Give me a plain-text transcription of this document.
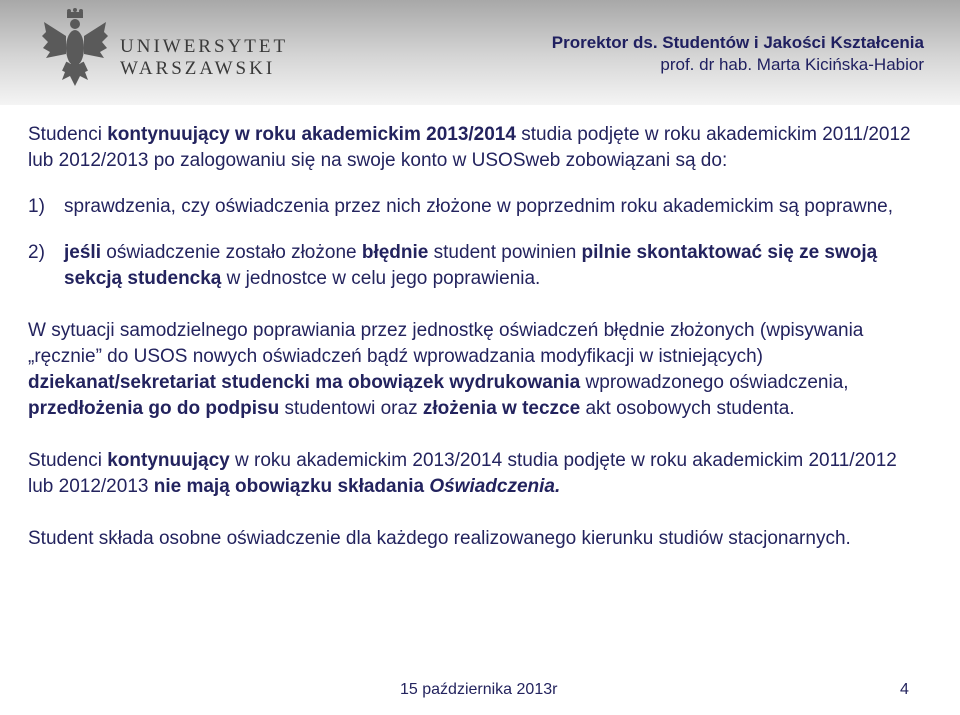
UNIWERSYTET
WARSZAWSKI
Prorektor ds. Studentów i Jakości Kształcenia
prof. dr hab. Marta Kicińska-Habior

Studenci kontynuujący w roku akademickim 2013/2014 studia podjęte w roku akademickim 2011/2012 lub 2012/2013 po zalogowaniu się na swoje konto w USOSweb zobowiązani są do:

1)	sprawdzenia, czy oświadczenia przez nich złożone w poprzednim roku akademickim są poprawne,
2)	jeśli oświadczenie zostało złożone błędnie student powinien pilnie skontaktować się ze swoją sekcją studencką w jednostce w celu jego poprawienia.

W sytuacji samodzielnego poprawiania przez jednostkę oświadczeń błędnie złożonych (wpisywania „ręcznie” do USOS nowych oświadczeń bądź wprowadzania modyfikacji w istniejących) dziekanat/sekretariat studencki ma obowiązek wydrukowania wprowadzonego oświadczenia, przedłożenia go do podpisu studentowi oraz złożenia w teczce akt osobowych studenta.

Studenci kontynuujący w roku akademickim 2013/2014 studia podjęte w roku akademickim 2011/2012 lub 2012/2013 nie mają obowiązku składania Oświadczenia.

Student składa osobne oświadczenie dla każdego realizowanego kierunku studiów stacjonarnych.

15 października 2013r	4
